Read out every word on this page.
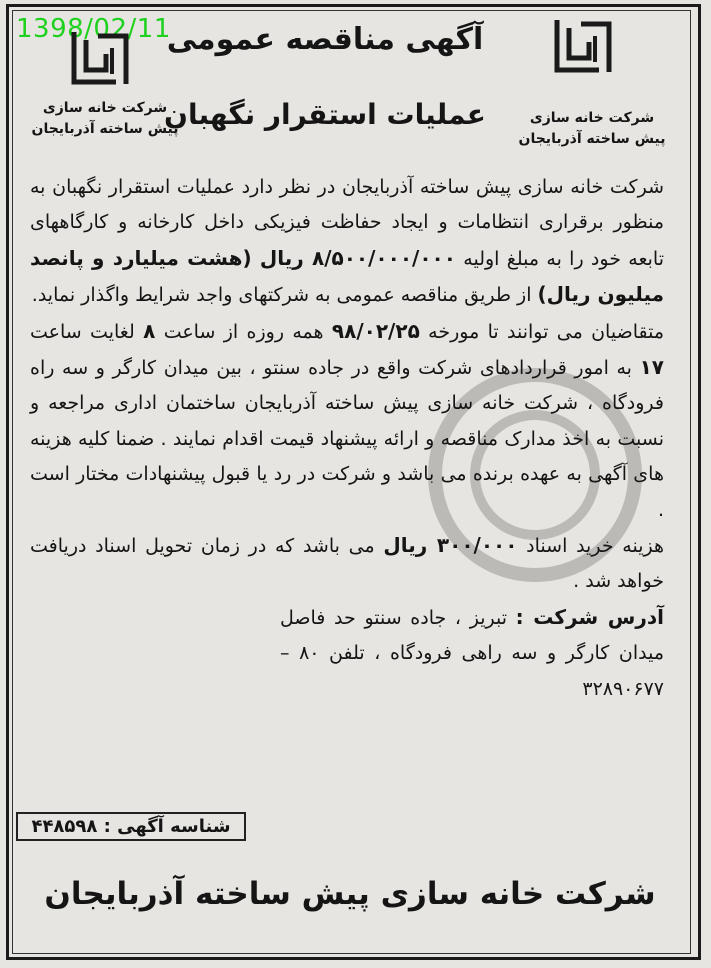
1398/02/11
شرکت خانه سازی
پیش ساخته آذربایجان
شرکت خانه سازی
پیش ساخته آذربایجان
آگهی مناقصه عمومی
عملیات استقرار نگهبان

شرکت خانه سازی پیش ساخته آذربایجان در نظر دارد عملیات استقرار نگهبان به منظور برقراری انتظامات و ایجاد حفاظت فیزیکی داخل کارخانه و کارگاههای تابعه خود را به مبلغ اولیه ۸/۵۰۰/۰۰۰/۰۰۰ ریال (هشت میلیارد و پانصد میلیون ریال) از طریق مناقصه عمومی به شرکتهای واجد شرایط واگذار نماید.

متقاضیان می توانند تا مورخه ۹۸/۰۲/۲۵ همه روزه از ساعت ۸ لغایت ساعت ۱۷ به امور قراردادهای شرکت واقع در جاده سنتو ، بین میدان کارگر و سه راه فرودگاه ، شرکت خانه سازی پیش ساخته آذربایجان ساختمان اداری مراجعه و نسبت به اخذ مدارک مناقصه و ارائه پیشنهاد قیمت اقدام نمایند . ضمنا کلیه هزینه های آگهی به عهده برنده می باشد و شرکت در رد یا قبول پیشنهادات مختار است .

هزینه خرید اسناد ۳۰۰/۰۰۰ ریال می باشد که در زمان تحویل اسناد دریافت خواهد شد .

آدرس شرکت : تبریز ، جاده سنتو حد فاصل میدان کارگر و سه راهی فرودگاه ، تلفن ۸۰ – ۳۲۸۹۰۶۷۷

شناسه آگهی : ۴۴۸۵۹۸
شرکت خانه سازی پیش ساخته آذربایجان
